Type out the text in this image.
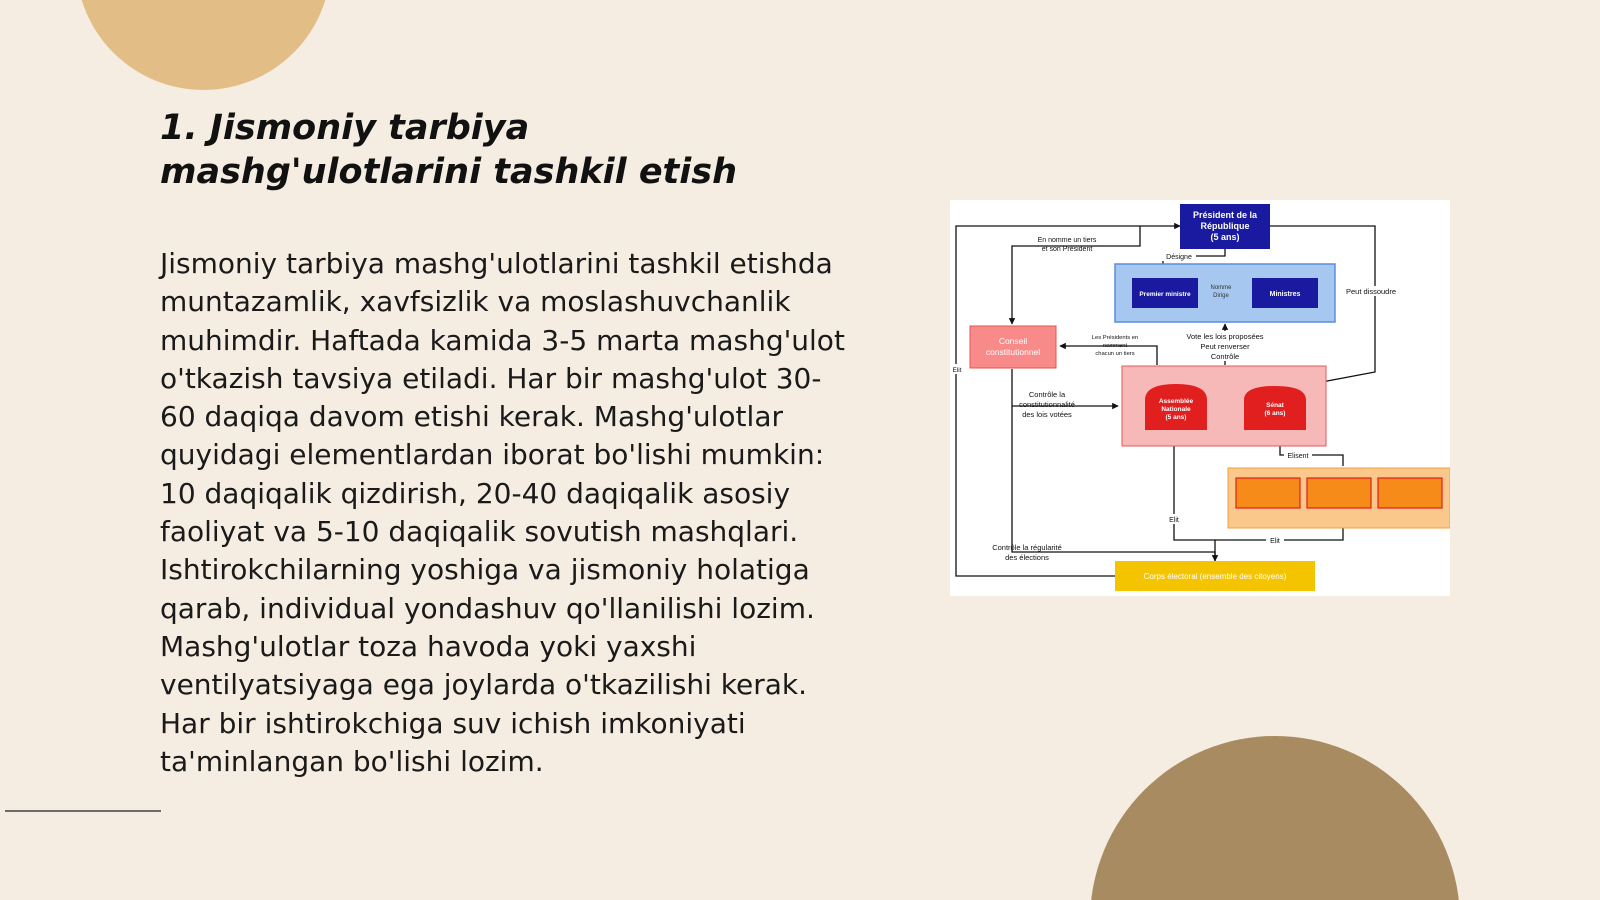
1. Jismoniy tarbiya mashg'ulotlarini tashkil etish

Jismoniy tarbiya mashg'ulotlarini tashkil etishda muntazamlik, xavfsizlik va moslashuvchanlik muhimdir. Haftada kamida 3-5 marta mashg'ulot o'tkazish tavsiya etiladi. Har bir mashg'ulot 30-60 daqiqa davom etishi kerak. Mashg'ulotlar quyidagi elementlardan iborat bo'lishi mumkin: 10 daqiqalik qizdirish, 20-40 daqiqalik asosiy faoliyat va 5-10 daqiqalik sovutish mashqlari. Ishtirokchilarning yoshiga va jismoniy holatiga qarab, individual yondashuv qo'llanilishi lozim. Mashg'ulotlar toza havoda yoki yaxshi ventilyatsiyaga ega joylarda o'tkazilishi kerak. Har bir ishtirokchiga suv ichish imkoniyati ta'minlangan bo'lishi lozim.

Président de la
République
(5 ans)
Premier ministre	Ministres
Nomme
Dirige
Désigne
En nomme un tiers
et son Président
Peut dissoudre
Conseil
constitutionnel
Les Présidents en
nomment
chacun un tiers
Vote les lois proposées
Peut renverser
Contrôle
Assemblée
Nationale
(5 ans)
Sénat
(6 ans)
Contrôle la
constitutionnalité
des lois votées
Elit
Elisent
Elit
Elit
Contrôle la régularité
des élections
Corps électoral (ensemble des citoyens)
